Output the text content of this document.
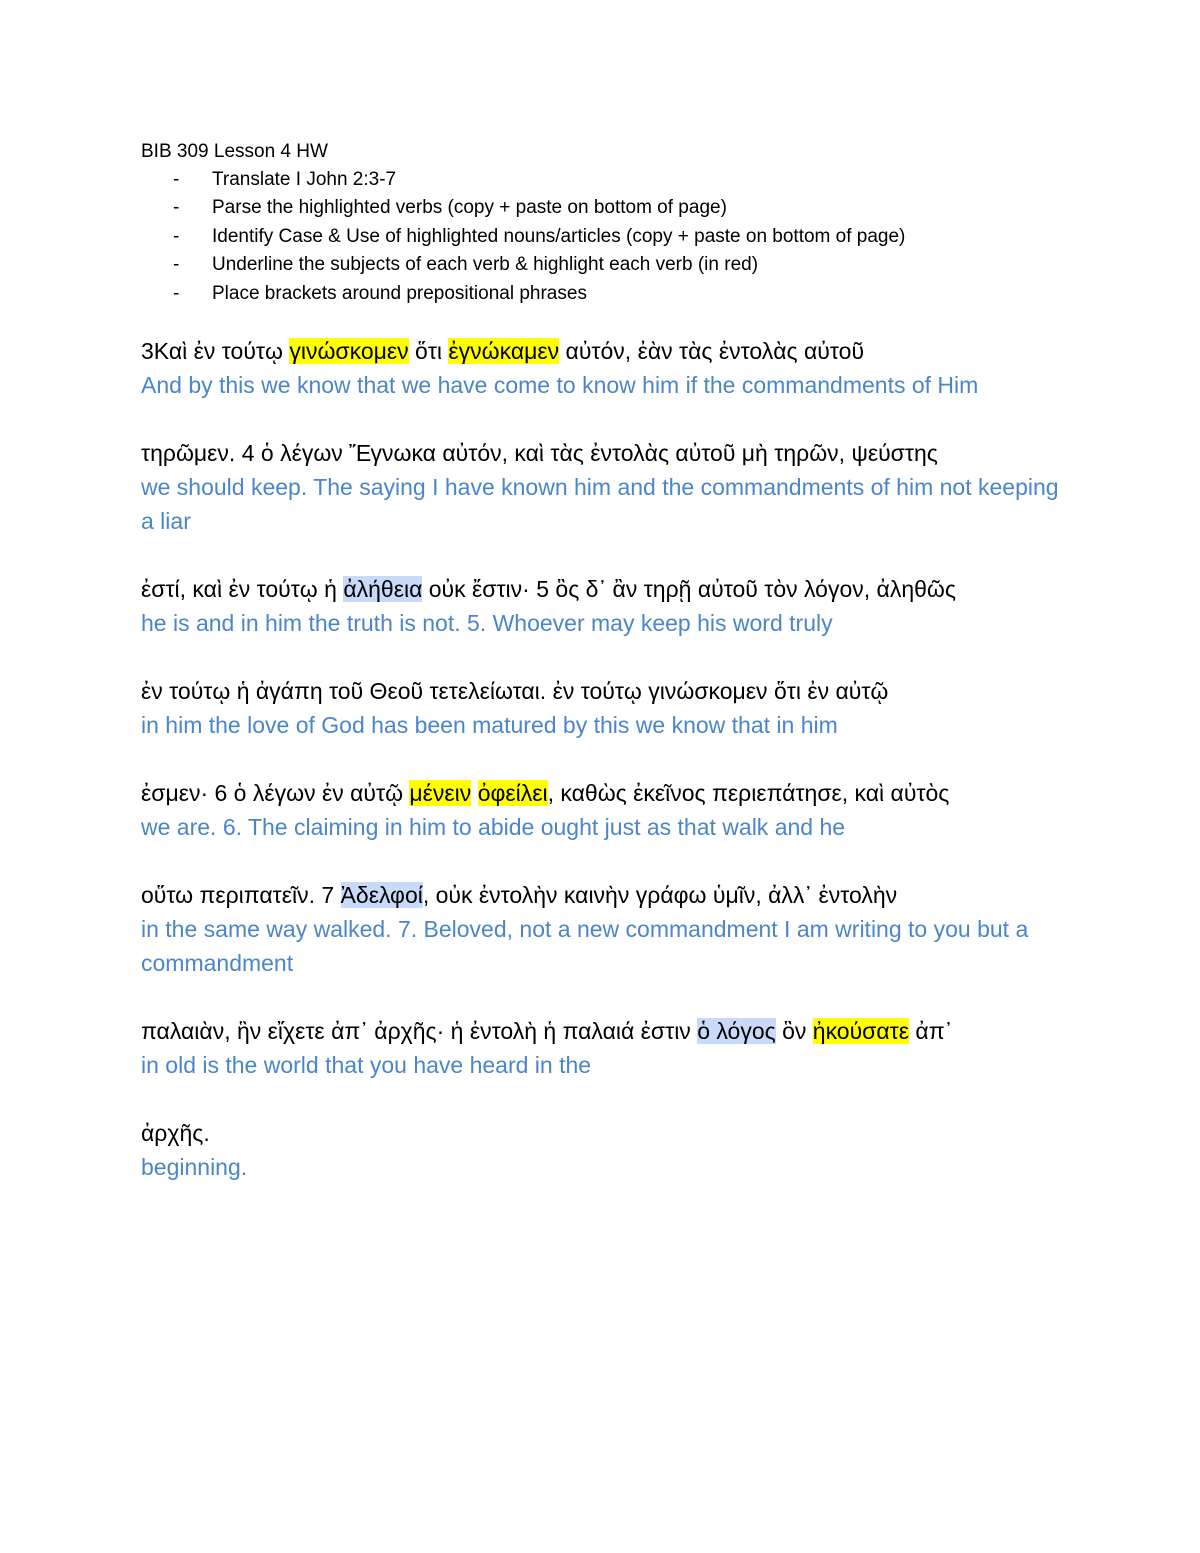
BIB 309 Lesson 4 HW

- Translate I John 2:3-7
- Parse the highlighted verbs (copy + paste on bottom of page)
- Identify Case & Use of highlighted nouns/articles (copy + paste on bottom of page)
- Underline the subjects of each verb & highlight each verb (in red)
- Place brackets around prepositional phrases

3Καὶ ἐν τούτῳ γινώσκομεν ὅτι ἐγνώκαμεν αὐτόν, ἐὰν τὰς ἐντολὰς αὐτοῦ

And by this we know that we have come to know him if the commandments of Him

τηρῶμεν. 4 ὁ λέγων Ἔγνωκα αὐτόν, καὶ τὰς ἐντολὰς αὐτοῦ μὴ τηρῶν, ψεύστης

we should keep. The saying I have known him and the commandments of him not keeping a liar

ἐστί, καὶ ἐν τούτῳ ἡ ἀλήθεια οὐκ ἔστιν· 5 ὃς δ᾽ ἂν τηρῇ αὐτοῦ τὸν λόγον, ἀληθῶς

he is and in him the truth is not. 5. Whoever may keep his word truly

ἐν τούτῳ ἡ ἀγάπη τοῦ Θεοῦ τετελείωται. ἐν τούτῳ γινώσκομεν ὅτι ἐν αὐτῷ

in him the love of God has been matured by this we know that in him

ἐσμεν· 6 ὁ λέγων ἐν αὐτῷ μένειν ὀφείλει, καθὼς ἐκεῖνος περιεπάτησε, καὶ αὐτὸς

we are. 6. The claiming in him to abide ought just as that walk and he

οὕτω περιπατεῖν. 7 Ἀδελφοί, οὐκ ἐντολὴν καινὴν γράφω ὑμῖν, ἀλλ᾽ ἐντολὴν

in the same way walked. 7. Beloved, not a new commandment I am writing to you but a commandment

παλαιὰν, ἣν εἴχετε ἀπ᾽ ἀρχῆς· ἡ ἐντολὴ ἡ παλαιά ἐστιν ὁ λόγος ὃν ἠκούσατε ἀπ᾽

in old is the world that you have heard in the

ἀρχῆς.

beginning.
